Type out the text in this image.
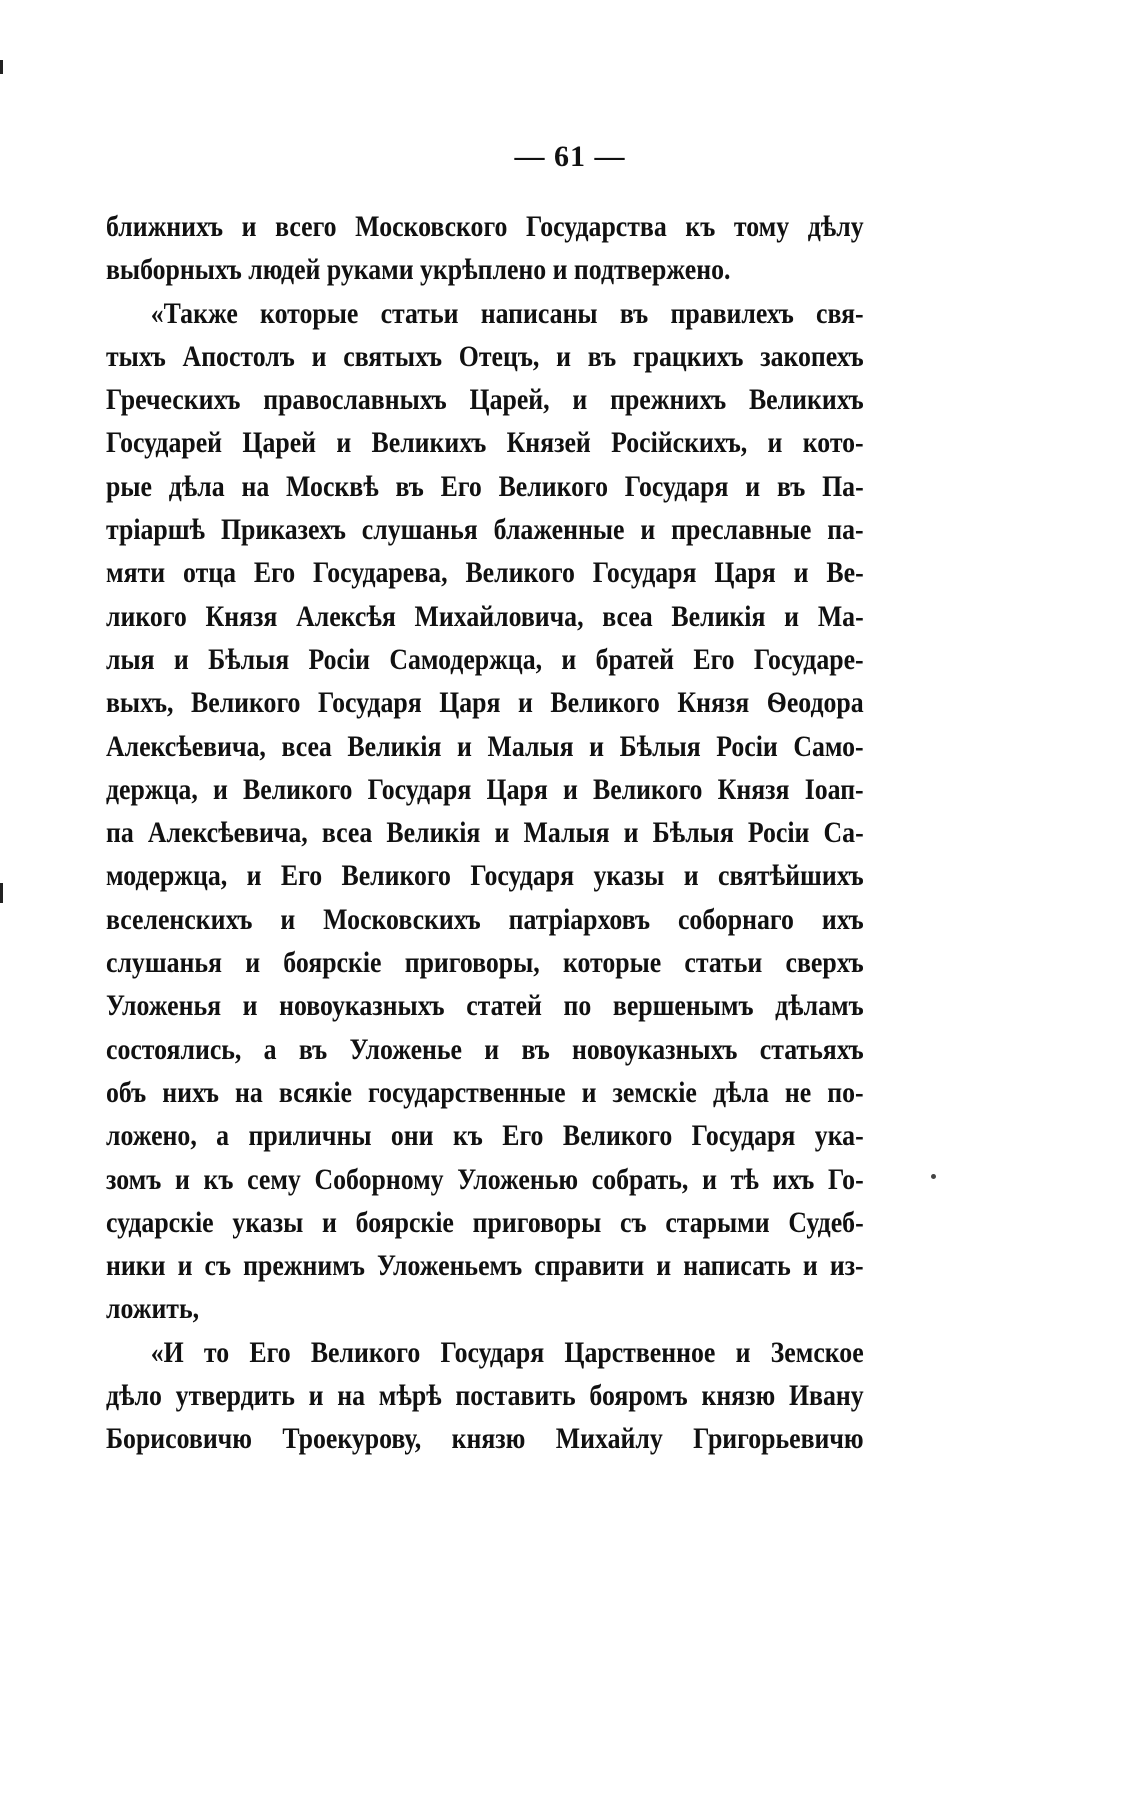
— 61 —
ближнихъ и всего Московского Государства къ тому дѣлу
выборныхъ людей руками укрѣплено и подтвержено.
«Также которые статьи написаны въ правилехъ свя-
тыхъ Апостолъ и святыхъ Отецъ, и въ грацкихъ закопехъ
Греческихъ православныхъ Царей, и прежнихъ Великихъ
Государей Царей и Великихъ Князей Російскихъ, и кото-
рые дѣла на Москвѣ въ Его Великого Государя и въ Па-
тріаршѣ Приказехъ слушанья блаженные и преславные па-
мяти отца Его Государева, Великого Государя Царя и Ве-
ликого Князя Алексѣя Михайловича, всеа Великія и Ма-
лыя и Бѣлыя Росіи Самодержца, и братей Его Государе-
выхъ, Великого Государя Царя и Великого Князя Ѳеодора
Алексѣевича, всеа Великія и Малыя и Бѣлыя Росіи Само-
держца, и Великого Государя Царя и Великого Князя Іоап-
па Алексѣевича, всеа Великія и Малыя и Бѣлыя Росіи Са-
модержца, и Его Великого Государя указы и святѣйшихъ
вселенскихъ и Московскихъ патріарховъ соборнаго ихъ
слушанья и боярскіе приговоры, которые статьи сверхъ
Уложенья и новоуказныхъ статей по вершенымъ дѣламъ
состоялись, а въ Уложенье и въ новоуказныхъ статьяхъ
объ нихъ на всякіе государственные и земскіе дѣла не по-
ложено, а приличны они къ Его Великого Государя ука-
зомъ и къ сему Соборному Уложенью собрать, и тѣ ихъ Го-
сударскіе указы и боярскіе приговоры съ старыми Судеб-
ники и съ прежнимъ Уложеньемъ справити и написать и из-
ложить,
«И то Его Великого Государя Царственное и Земское
дѣло утвердить и на мѣрѣ поставить бояромъ князю Ивану
Борисовичю Троекурову, князю Михайлу Григорьевичю
